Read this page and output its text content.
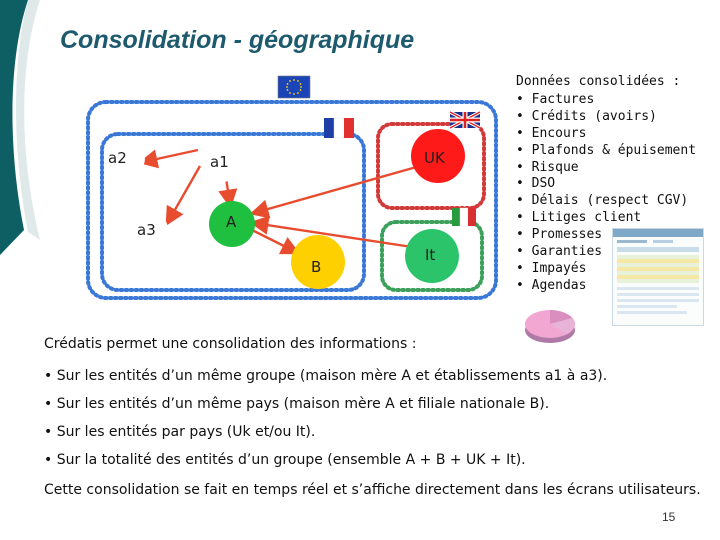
Consolidation - géographique
a2
a3
a1
A
B
UK
It
Données consolidées :
• Factures
• Crédits (avoirs)
• Encours
• Plafonds & épuisement
• Risque
• DSO
• Délais (respect CGV)
• Litiges client
• Promesses
• Garanties
• Impayés
• Agendas
Crédatis permet une consolidation des informations :
• Sur les entités d’un même groupe (maison mère A et établissements a1 à a3).
• Sur les entités d’un même pays (maison mère A et filiale nationale B).
• Sur les entités par pays (Uk et/ou It).
• Sur la totalité des entités d’un groupe (ensemble A + B + UK + It).
Cette consolidation se fait en temps réel et s’affiche directement dans les écrans utilisateurs.
15
